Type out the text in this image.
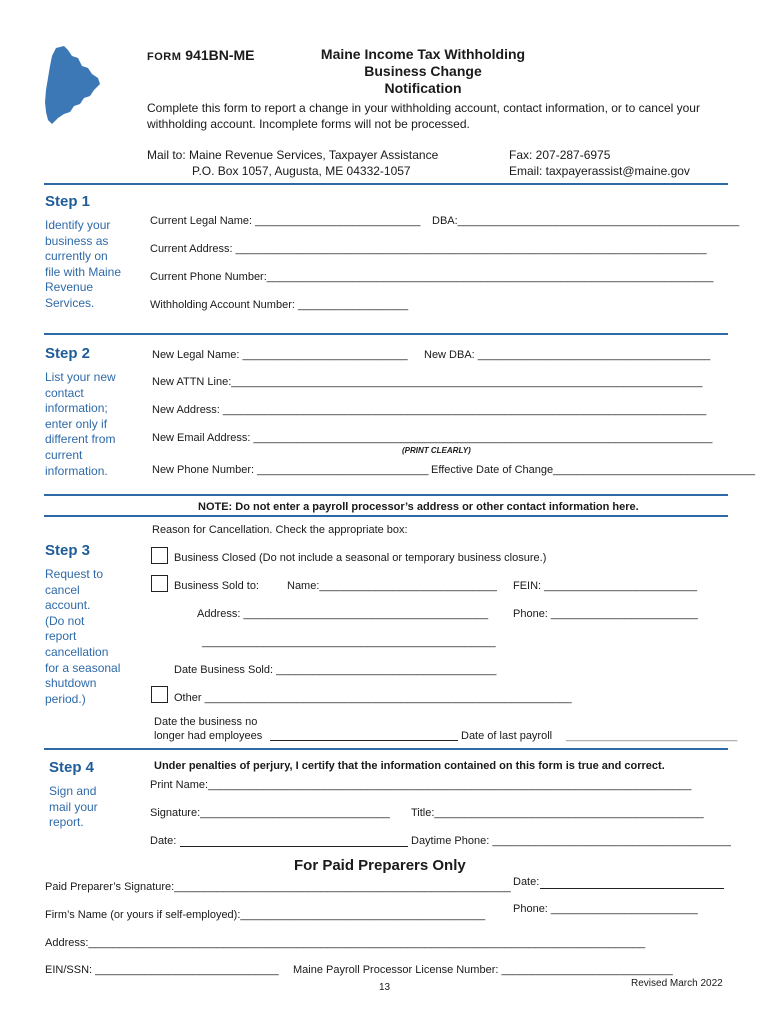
FORM 941BN-ME	Maine Income Tax Withholding
Business Change
Notification
Complete this form to report a change in your withholding account, contact information, or to cancel your
withholding account. Incomplete forms will not be processed.
Mail to: Maine Revenue Services, Taxpayer Assistance
P.O. Box 1057, Augusta, ME 04332-1057
Fax: 207-287-6975
Email: taxpayerassist@maine.gov
Step 1
Identify your
business as
currently on
file with Maine
Revenue
Services.
Current Legal Name: ___________________________ DBA:______________________________________________
Current Address: _____________________________________________________________________________
Current Phone Number:_________________________________________________________________________
Withholding Account Number: __________________
Step 2
List your new
contact
information;
enter only if
different from
current
information.
New Legal Name: ___________________________ New DBA: ______________________________________
New ATTN Line:_____________________________________________________________________________
New Address: _______________________________________________________________________________
New Email Address: ___________________________________________________________________________
(PRINT CLEARLY)
New Phone Number: ____________________________ Effective Date of Change_________________________________
NOTE: Do not enter a payroll processor’s address or other contact information here.
Reason for Cancellation. Check the appropriate box:
Step 3
Request to
cancel
account.
(Do not
report
cancellation
for a seasonal
shutdown
period.)
Business Closed (Do not include a seasonal or temporary business closure.)
Business Sold to:	Name:_____________________________ FEIN: _________________________
Address: ________________________________________ Phone: ________________________
________________________________________________
Date Business Sold: ____________________________________
Other ____________________________________________________________
Date the business no
longer had employees	Date of last payroll ____________________________
Step 4
Sign and
mail your
report.
Under penalties of perjury, I certify that the information contained on this form is true and correct.
Print Name:_______________________________________________________________________________
Signature:_______________________________ Title:____________________________________________
Date:	Daytime Phone: _______________________________________
For Paid Preparers Only
Paid Preparer’s Signature:_______________________________________________________ Date:
Firm’s Name (or yours if self-employed):________________________________________	Phone: ________________________
Address:___________________________________________________________________________________________
EIN/SSN: ______________________________ Maine Payroll Processor License Number: ____________________________
13	Revised March 2022
